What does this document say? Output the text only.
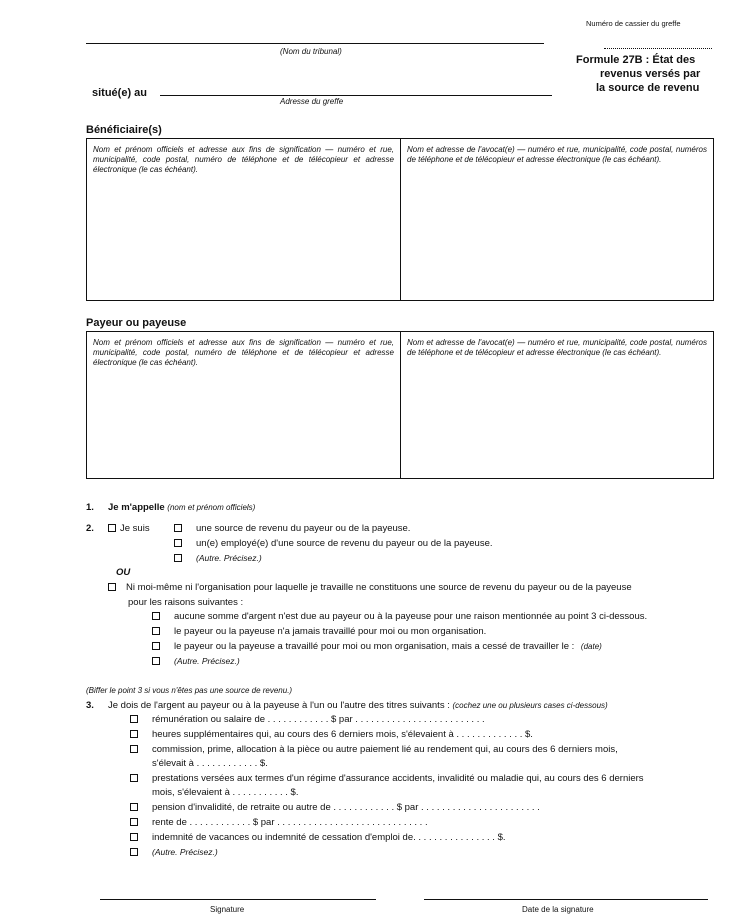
Numéro de cassier du greffe
(Nom du tribunal)
Formule 27B : État des
revenus versés par
la source de revenu
situé(e) au
Adresse du greffe
Bénéficiaire(s)
Nom et prénom officiels et adresse aux fins de signification — numéro et rue, municipalité, code postal, numéro de téléphone et de télécopieur et adresse électronique (le cas échéant).
Nom et adresse de l'avocat(e) — numéro et rue, municipalité, code postal, numéros de téléphone et de télécopieur et adresse électronique (le cas échéant).
Payeur ou payeuse
Nom et prénom officiels et adresse aux fins de signification — numéro et rue, municipalité, code postal, numéro de téléphone et de télécopieur et adresse électronique (le cas échéant).
Nom et adresse de l'avocat(e) — numéro et rue, municipalité, code postal, numéros de téléphone et de télécopieur et adresse électronique (le cas échéant).
1. Je m'appelle (nom et prénom officiels)
2.	Je suis	une source de revenu du payeur ou de la payeuse.
un(e) employé(e) d'une source de revenu du payeur ou de la payeuse.
(Autre. Précisez.)
OU
Ni moi-même ni l'organisation pour laquelle je travaille ne constituons une source de revenu du payeur ou de la payeuse
pour les raisons suivantes :
aucune somme d'argent n'est due au payeur ou à la payeuse pour une raison mentionnée au point 3 ci-dessous.
le payeur ou la payeuse n'a jamais travaillé pour moi ou mon organisation.
le payeur ou la payeuse a travaillé pour moi ou mon organisation, mais a cessé de travailler le : (date)
(Autre. Précisez.)
(Biffer le point 3 si vous n'êtes pas une source de revenu.)
3. Je dois de l'argent au payeur ou à la payeuse à l'un ou l'autre des titres suivants : (cochez une ou plusieurs cases ci-dessous)
rémunération ou salaire de . . . . . . . . . . . . $ par . . . . . . . . . . . . . . . . . . . . . . . . .
heures supplémentaires qui, au cours des 6 derniers mois, s'élevaient à . . . . . . . . . . . . . $.
commission, prime, allocation à la pièce ou autre paiement lié au rendement qui, au cours des 6 derniers mois,
s'élevait à . . . . . . . . . . . . $.
prestations versées aux termes d'un régime d'assurance accidents, invalidité ou maladie qui, au cours des 6 derniers
mois, s'élevaient à . . . . . . . . . . . $.
pension d'invalidité, de retraite ou autre de . . . . . . . . . . . . $ par . . . . . . . . . . . . . . . . . . . . . . .
rente de . . . . . . . . . . . . $ par . . . . . . . . . . . . . . . . . . . . . . . . . . . . .
indemnité de vacances ou indemnité de cessation d'emploi de. . . . . . . . . . . . . . . . $.
(Autre. Précisez.)
Signature	Date de la signature
